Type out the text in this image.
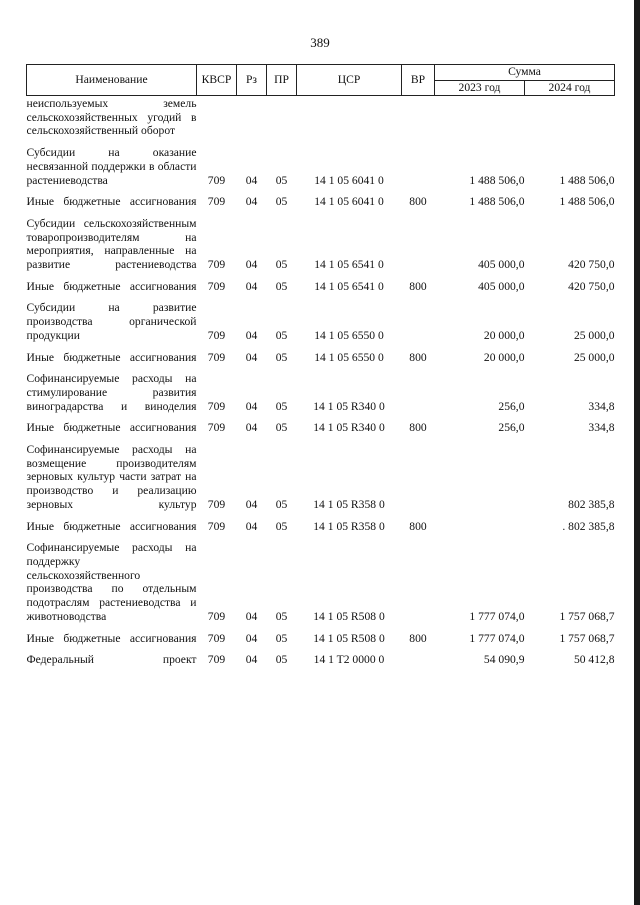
389
Наименование	КВСР	Рз	ПР	ЦСР	ВР	Сумма	
						2023 год	2024 год
неиспользуемых земель сельскохозяйственных угодий в сельскохозяйственный оборот							

Субсидии на оказание несвязанной поддержки в области растениеводства	709	04	05	14 1 05 6041 0		1 488 506,0	1 488 506,0

Иные бюджетные ассигнования	709	04	05	14 1 05 6041 0	800	1 488 506,0	1 488 506,0

Субсидии сельскохозяйственным товаропроизводителям на мероприятия, направленные на развитие растениеводства	709	04	05	14 1 05 6541 0		405 000,0	420 750,0

Иные бюджетные ассигнования	709	04	05	14 1 05 6541 0	800	405 000,0	420 750,0

Субсидии на развитие производства органической продукции	709	04	05	14 1 05 6550 0		20 000,0	25 000,0

Иные бюджетные ассигнования	709	04	05	14 1 05 6550 0	800	20 000,0	25 000,0

Софинансируемые расходы на стимулирование развития виноградарства и виноделия	709	04	05	14 1 05 R340 0		256,0	334,8

Иные бюджетные ассигнования	709	04	05	14 1 05 R340 0	800	256,0	334,8

Софинансируемые расходы на возмещение производителям зерновых культур части затрат на производство и реализацию зерновых культур	709	04	05	14 1 05 R358 0			802 385,8

Иные бюджетные ассигнования	709	04	05	14 1 05 R358 0	800		. 802 385,8

Софинансируемые расходы на поддержку сельскохозяйственного производства по отдельным подотраслям растениеводства и животноводства	709	04	05	14 1 05 R508 0		1 777 074,0	1 757 068,7

Иные бюджетные ассигнования	709	04	05	14 1 05 R508 0	800	1 777 074,0	1 757 068,7

Федеральный проект	709	04	05	14 1 T2 0000 0		54 090,9	50 412,8
